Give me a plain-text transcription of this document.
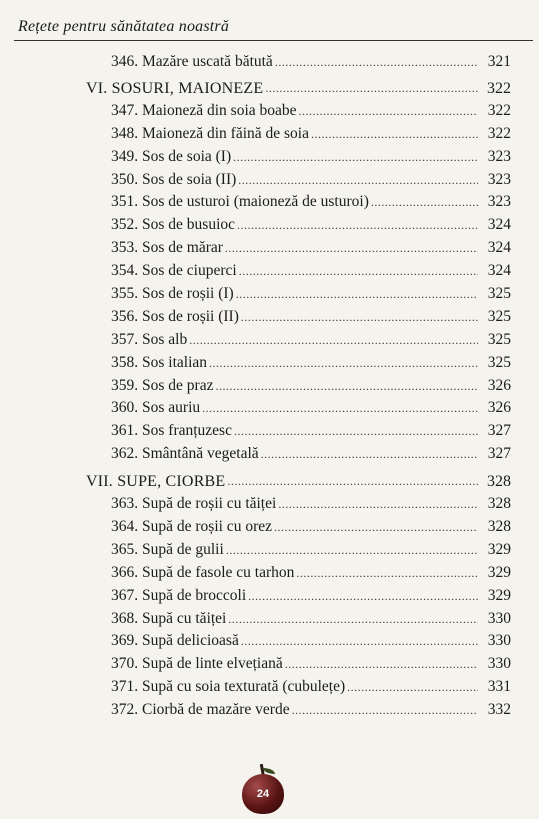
Rețete pentru sănătatea noastră
346. Mazăre uscată bătută .....	321
VI. SOSURI, MAIONEZE .....	322
347. Maioneză din soia boabe .....	322
348. Maioneză din făină de soia .....	322
349. Sos de soia (I) .....	323
350. Sos de soia (II) .....	323
351. Sos de usturoi (maioneză de usturoi) .....	323
352. Sos de busuioc .....	324
353. Sos de mărar .....	324
354. Sos de ciuperci .....	324
355. Sos de roșii (I) .....	325
356. Sos de roșii (II) .....	325
357. Sos alb .....	325
358. Sos italian .....	325
359. Sos de praz .....	326
360. Sos auriu .....	326
361. Sos franțuzesc .....	327
362. Smântână vegetală .....	327
VII. SUPE, CIORBE .....	328
363. Supă de roșii cu tăiței .....	328
364. Supă de roșii cu orez .....	328
365. Supă de gulii .....	329
366. Supă de fasole cu tarhon .....	329
367. Supă de broccoli .....	329
368. Supă cu tăiței .....	330
369. Supă delicioasă .....	330
370. Supă de linte elvețiană .....	330
371. Supă cu soia texturată (cubulețe) .....	331
372. Ciorbă de mazăre verde .....	332
24
